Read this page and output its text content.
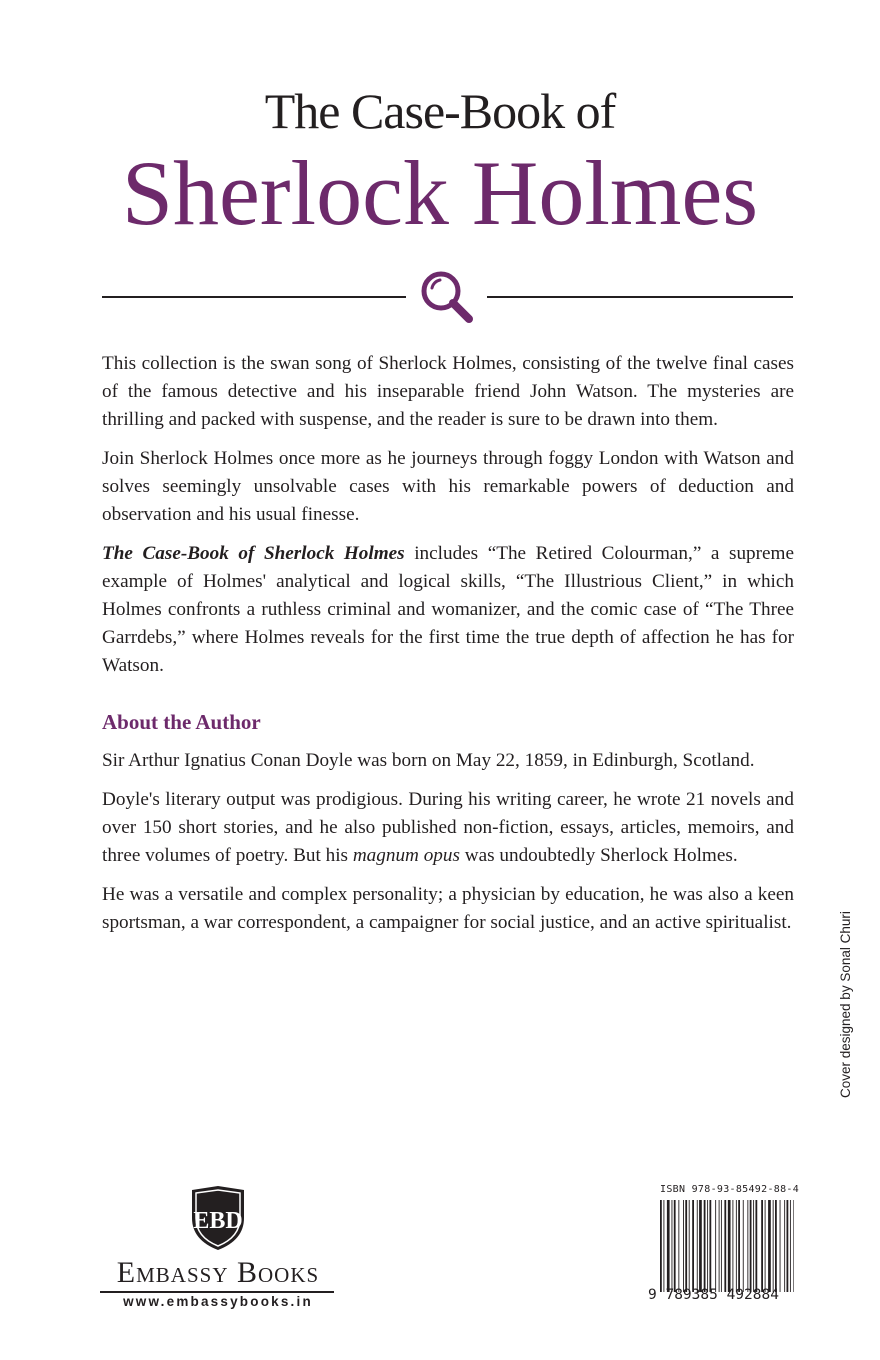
The Case-Book of
Sherlock Holmes

This collection is the swan song of Sherlock Holmes, consisting of the twelve final cases of the famous detective and his inseparable friend John Watson. The mysteries are thrilling and packed with suspense, and the reader is sure to be drawn into them.

Join Sherlock Holmes once more as he journeys through foggy London with Watson and solves seemingly unsolvable cases with his remarkable powers of deduction and observation and his usual finesse.

The Case-Book of Sherlock Holmes includes “The Retired Colourman,” a supreme example of Holmes' analytical and logical skills, “The Illustrious Client,” in which Holmes confronts a ruthless criminal and womanizer, and the comic case of “The Three Garrdebs,” where Holmes reveals for the first time the true depth of affection he has for Watson.

About the Author

Sir Arthur Ignatius Conan Doyle was born on May 22, 1859, in Edinburgh, Scotland.

Doyle's literary output was prodigious. During his writing career, he wrote 21 novels and over 150 short stories, and he also published non-fiction, essays, articles, memoirs, and three volumes of poetry. But his magnum opus was undoubtedly Sherlock Holmes.

He was a versatile and complex personality; a physician by education, he was also a keen sportsman, a war correspondent, a campaigner for social justice, and an active spiritualist.	Cover designed by Sonal Churi
EBD
Embassy Books
www.embassybooks.in
ISBN 978-93-85492-88-4
9 789385 492884
